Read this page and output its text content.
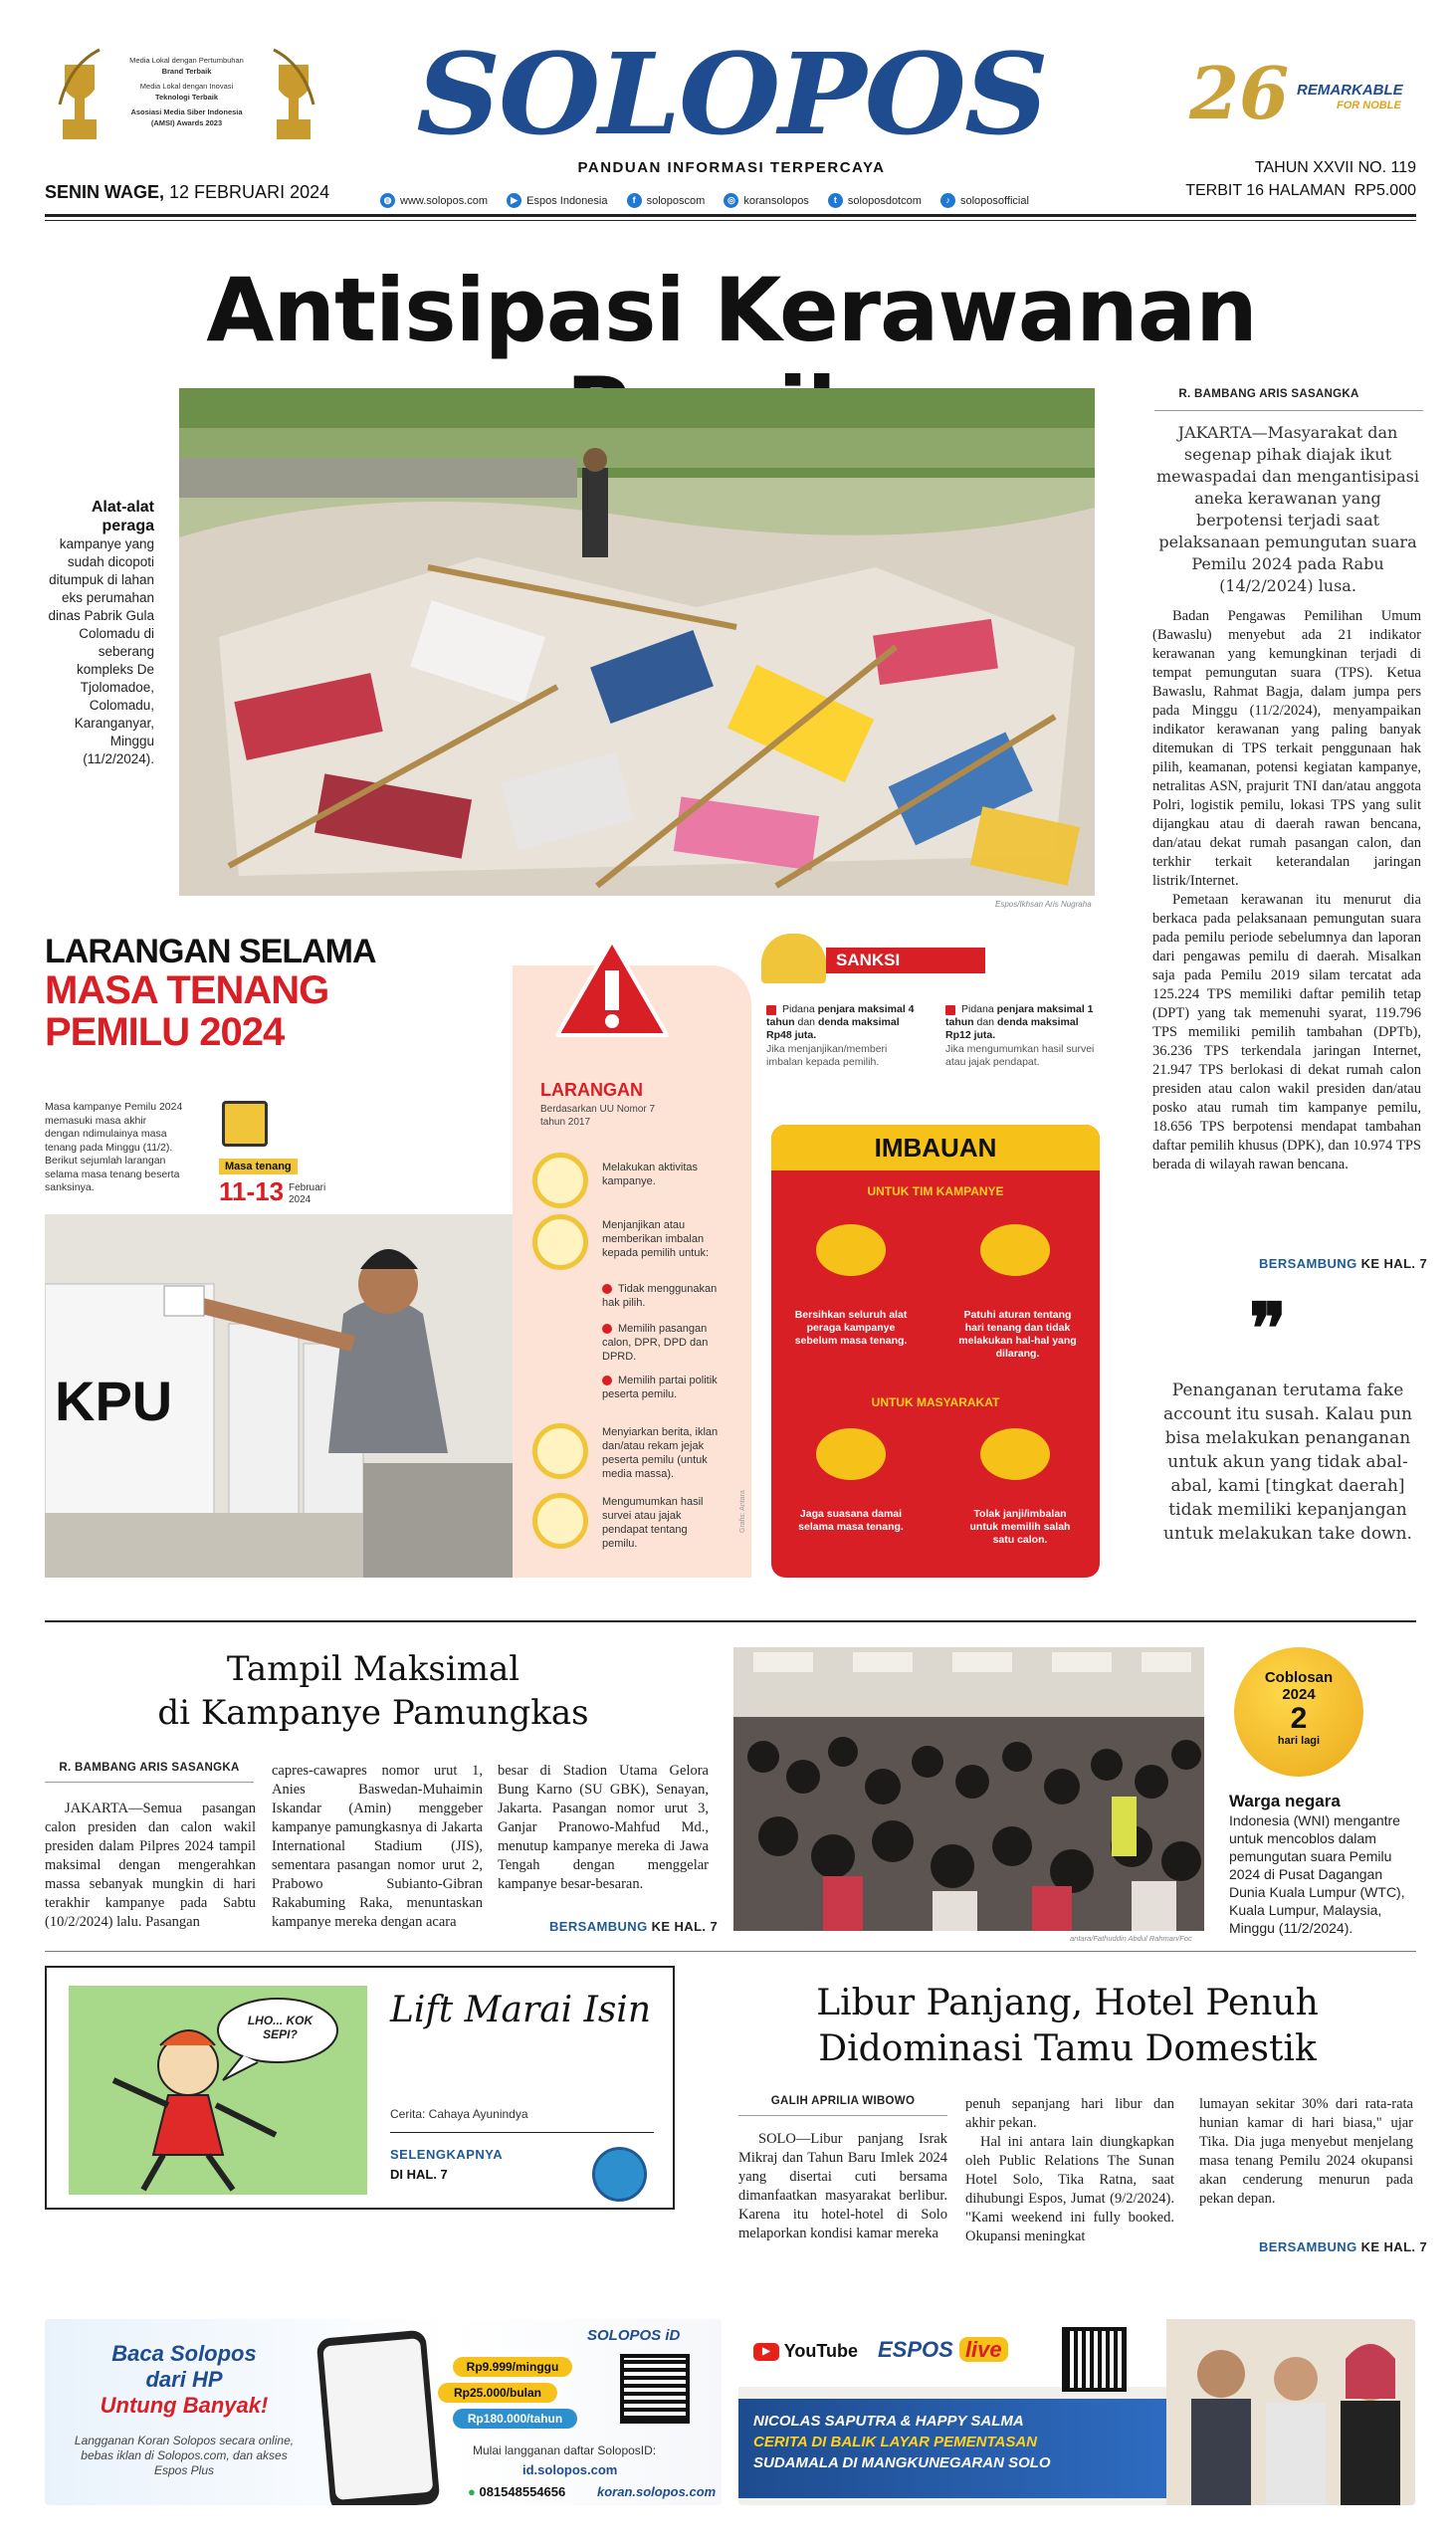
Media Lokal dengan Pertumbuhan
Brand Terbaik
Media Lokal dengan Inovasi
Teknologi Terbaik
Asosiasi Media Siber Indonesia
(AMSI) Awards 2023	SOLOPOS
PANDUAN INFORMASI TERPERCAYA
26 REMARKABLE
FOR NOBLE
SENIN WAGE, 12 FEBRUARI 2024	◍ www.solopos.com
	▶ Espos Indonesia
	f	soloposcom
	◎ koransolopos
	t	soloposdotcom
	♪ soloposofficial
TAHUN XXVII NO. 119
TERBIT 16 HALAMAN  RP5.000
Antisipasi Kerawanan
Alat-alat peraga
kampanye yang sudah dicopoti ditumpuk di lahan eks perumahan dinas Pabrik Gula Colomadu di seberang kompleks De Tjolomadoe, Colomadu, Karanganyar, Minggu (11/2/2024).
Espos/Ikhsan Aris Nugraha
R. BAMBANG ARIS SASANGKA
JAKARTA—Masyarakat dan segenap pihak diajak ikut mewaspadai dan mengantisipasi aneka kerawanan yang berpotensi terjadi saat pelaksanaan pemungutan suara Pemilu 2024 pada Rabu (14/2/2024) lusa.

Badan Pengawas Pemilihan Umum (Bawaslu) menyebut ada 21 indikator kerawanan yang kemungkinan terjadi di tempat pemungutan suara (TPS). Ketua Bawaslu, Rahmat Bagja, dalam jumpa pers pada Minggu (11/2/2024), menyampaikan indikator kerawanan yang paling banyak ditemukan di TPS terkait penggunaan hak pilih, keamanan, potensi kegiatan kampanye, netralitas ASN, prajurit TNI dan/atau anggota Polri, logistik pemilu, lokasi TPS yang sulit dijangkau atau di daerah rawan bencana, dan/atau dekat rumah pasangan calon, dan terkhir terkait keterandalan jaringan listrik/Internet.

Pemetaan kerawanan itu menurut dia berkaca pada pelaksanaan pemungutan suara pada pemilu periode sebelumnya dan laporan dari pengawas pemilu di daerah. Misalkan saja pada Pemilu 2019 silam tercatat ada 125.224 TPS memiliki daftar pemilih tetap (DPT) yang tak memenuhi syarat, 119.796 TPS memiliki pemilih tambahan (DPTb), 36.236 TPS terkendala jaringan Internet, 21.947 TPS berlokasi di dekat rumah calon presiden atau calon wakil presiden dan/atau posko atau rumah tim kampanye pemilu, 18.656 TPS berpotensi mendapat tambahan daftar pemilih khusus (DPK), dan 10.974 TPS berada di wilayah rawan bencana.

BERSAMBUNG KE HAL. 7
❞
Penanganan terutama fake account itu susah. Kalau pun bisa melakukan penanganan untuk akun yang tidak abal-abal, kami [tingkat daerah] tidak memiliki kepanjangan untuk melakukan take down.
LARANGAN SELAMA
MASA TENANG
PEMILU 2024
Masa kampanye Pemilu 2024 memasuki masa akhir dengan ndimulainya masa tenang pada Minggu (11/2). Berikut sejumlah larangan selama masa tenang beserta sanksinya.
Masa tenang
11-13 Februari 2024
KPU
LARANGAN
Berdasarkan UU Nomor 7 tahun 2017
Melakukan aktivitas kampanye.
Menjanjikan atau memberikan imbalan kepada pemilih untuk:
Tidak menggunakan hak pilih.
Memilih pasangan calon, DPR, DPD dan DPRD.
Memilih partai politik peserta pemilu.
Menyiarkan berita, iklan dan/atau rekam jejak peserta pemilu (untuk media massa).
Mengumumkan hasil survei atau jajak pendapat tentang pemilu.
Grafis: Antara
SANKSI
Pidana penjara maksimal 4 tahun dan denda maksimal Rp48 juta.
Jika menjanjikan/memberi imbalan kepada pemilih.
Pidana penjara maksimal 1 tahun dan denda maksimal Rp12 juta.
Jika mengumumkan hasil survei atau jajak pendapat.
IMBAUAN
UNTUK TIM KAMPANYE
Bersihkan seluruh alat peraga kampanye sebelum masa tenang.
Patuhi aturan tentang hari tenang dan tidak melakukan hal-hal yang dilarang.
UNTUK MASYARAKAT
Jaga suasana damai selama masa tenang.
Tolak janji/imbalan untuk memilih salah satu calon.
Tampil Maksimal
di Kampanye Pamungkas
R. BAMBANG ARIS SASANGKA
JAKARTA—Semua pasangan calon presiden dan calon wakil presiden dalam Pilpres 2024 tampil maksimal dengan mengerahkan massa sebanyak mungkin di hari terakhir kampanye pada Sabtu (10/2/2024) lalu. Pasangan
capres-cawapres nomor urut 1, Anies Baswedan-Muhaimin Iskandar (Amin) menggeber kampanye pamungkasnya di Jakarta International Stadium (JIS), sementara pasangan nomor urut 2, Prabowo Subianto-Gibran Rakabuming Raka, menuntaskan kampanye mereka dengan acara
besar di Stadion Utama Gelora Bung Karno (SU GBK), Senayan, Jakarta. Pasangan nomor urut 3, Ganjar Pranowo-Mahfud Md., menutup kampanye mereka di Jawa Tengah dengan menggelar kampanye besar-besaran.
BERSAMBUNG KE HAL. 7
antara/Fathuddin Abdul Rahman/Foc
Coblosan
2024
2
hari lagi
Warga negara
Indonesia (WNI) mengantre untuk mencoblos dalam pemungutan suara Pemilu 2024 di Pusat Dagangan Dunia Kuala Lumpur (WTC), Kuala Lumpur, Malaysia, Minggu (11/2/2024).
LHO... KOK SEPI?
Lift Marai Isin
Cerita: Cahaya Ayunindya
SELENGKAPNYA
DI HAL. 7
Libur Panjang, Hotel Penuh
Didominasi Tamu Domestik
GALIH APRILIA WIBOWO
SOLO—Libur panjang Israk Mikraj dan Tahun Baru Imlek 2024 yang disertai cuti bersama dimanfaatkan masyarakat berlibur. Karena itu hotel-hotel di Solo melaporkan kondisi kamar mereka

penuh sepanjang hari libur dan akhir pekan.

Hal ini antara lain diungkapkan oleh Public Relations The Sunan Hotel Solo, Tika Ratna, saat dihubungi Espos, Jumat (9/2/2024). "Kami weekend ini fully booked. Okupansi meningkat

lumayan sekitar 30% dari rata-rata hunian kamar di hari biasa," ujar Tika. Dia juga menyebut menjelang masa tenang Pemilu 2024 okupansi akan cenderung menurun pada pekan depan.
BERSAMBUNG KE HAL. 7
Baca Solopos
dari HP
Untung Banyak!
Langganan Koran Solopos secara online, bebas iklan di Solopos.com, dan akses Espos Plus
SOLOPOS iD
Rp9.999/minggu
Rp25.000/bulan
Rp180.000/tahun
Mulai langganan daftar SoloposID:
id.solopos.com
● 081548554656 koran.solopos.com
▶ YouTube ESPOS live
NICOLAS SAPUTRA & HAPPY SALMA
CERITA DI BALIK LAYAR PEMENTASAN
SUDAMALA DI MANGKUNEGARAN SOLO
